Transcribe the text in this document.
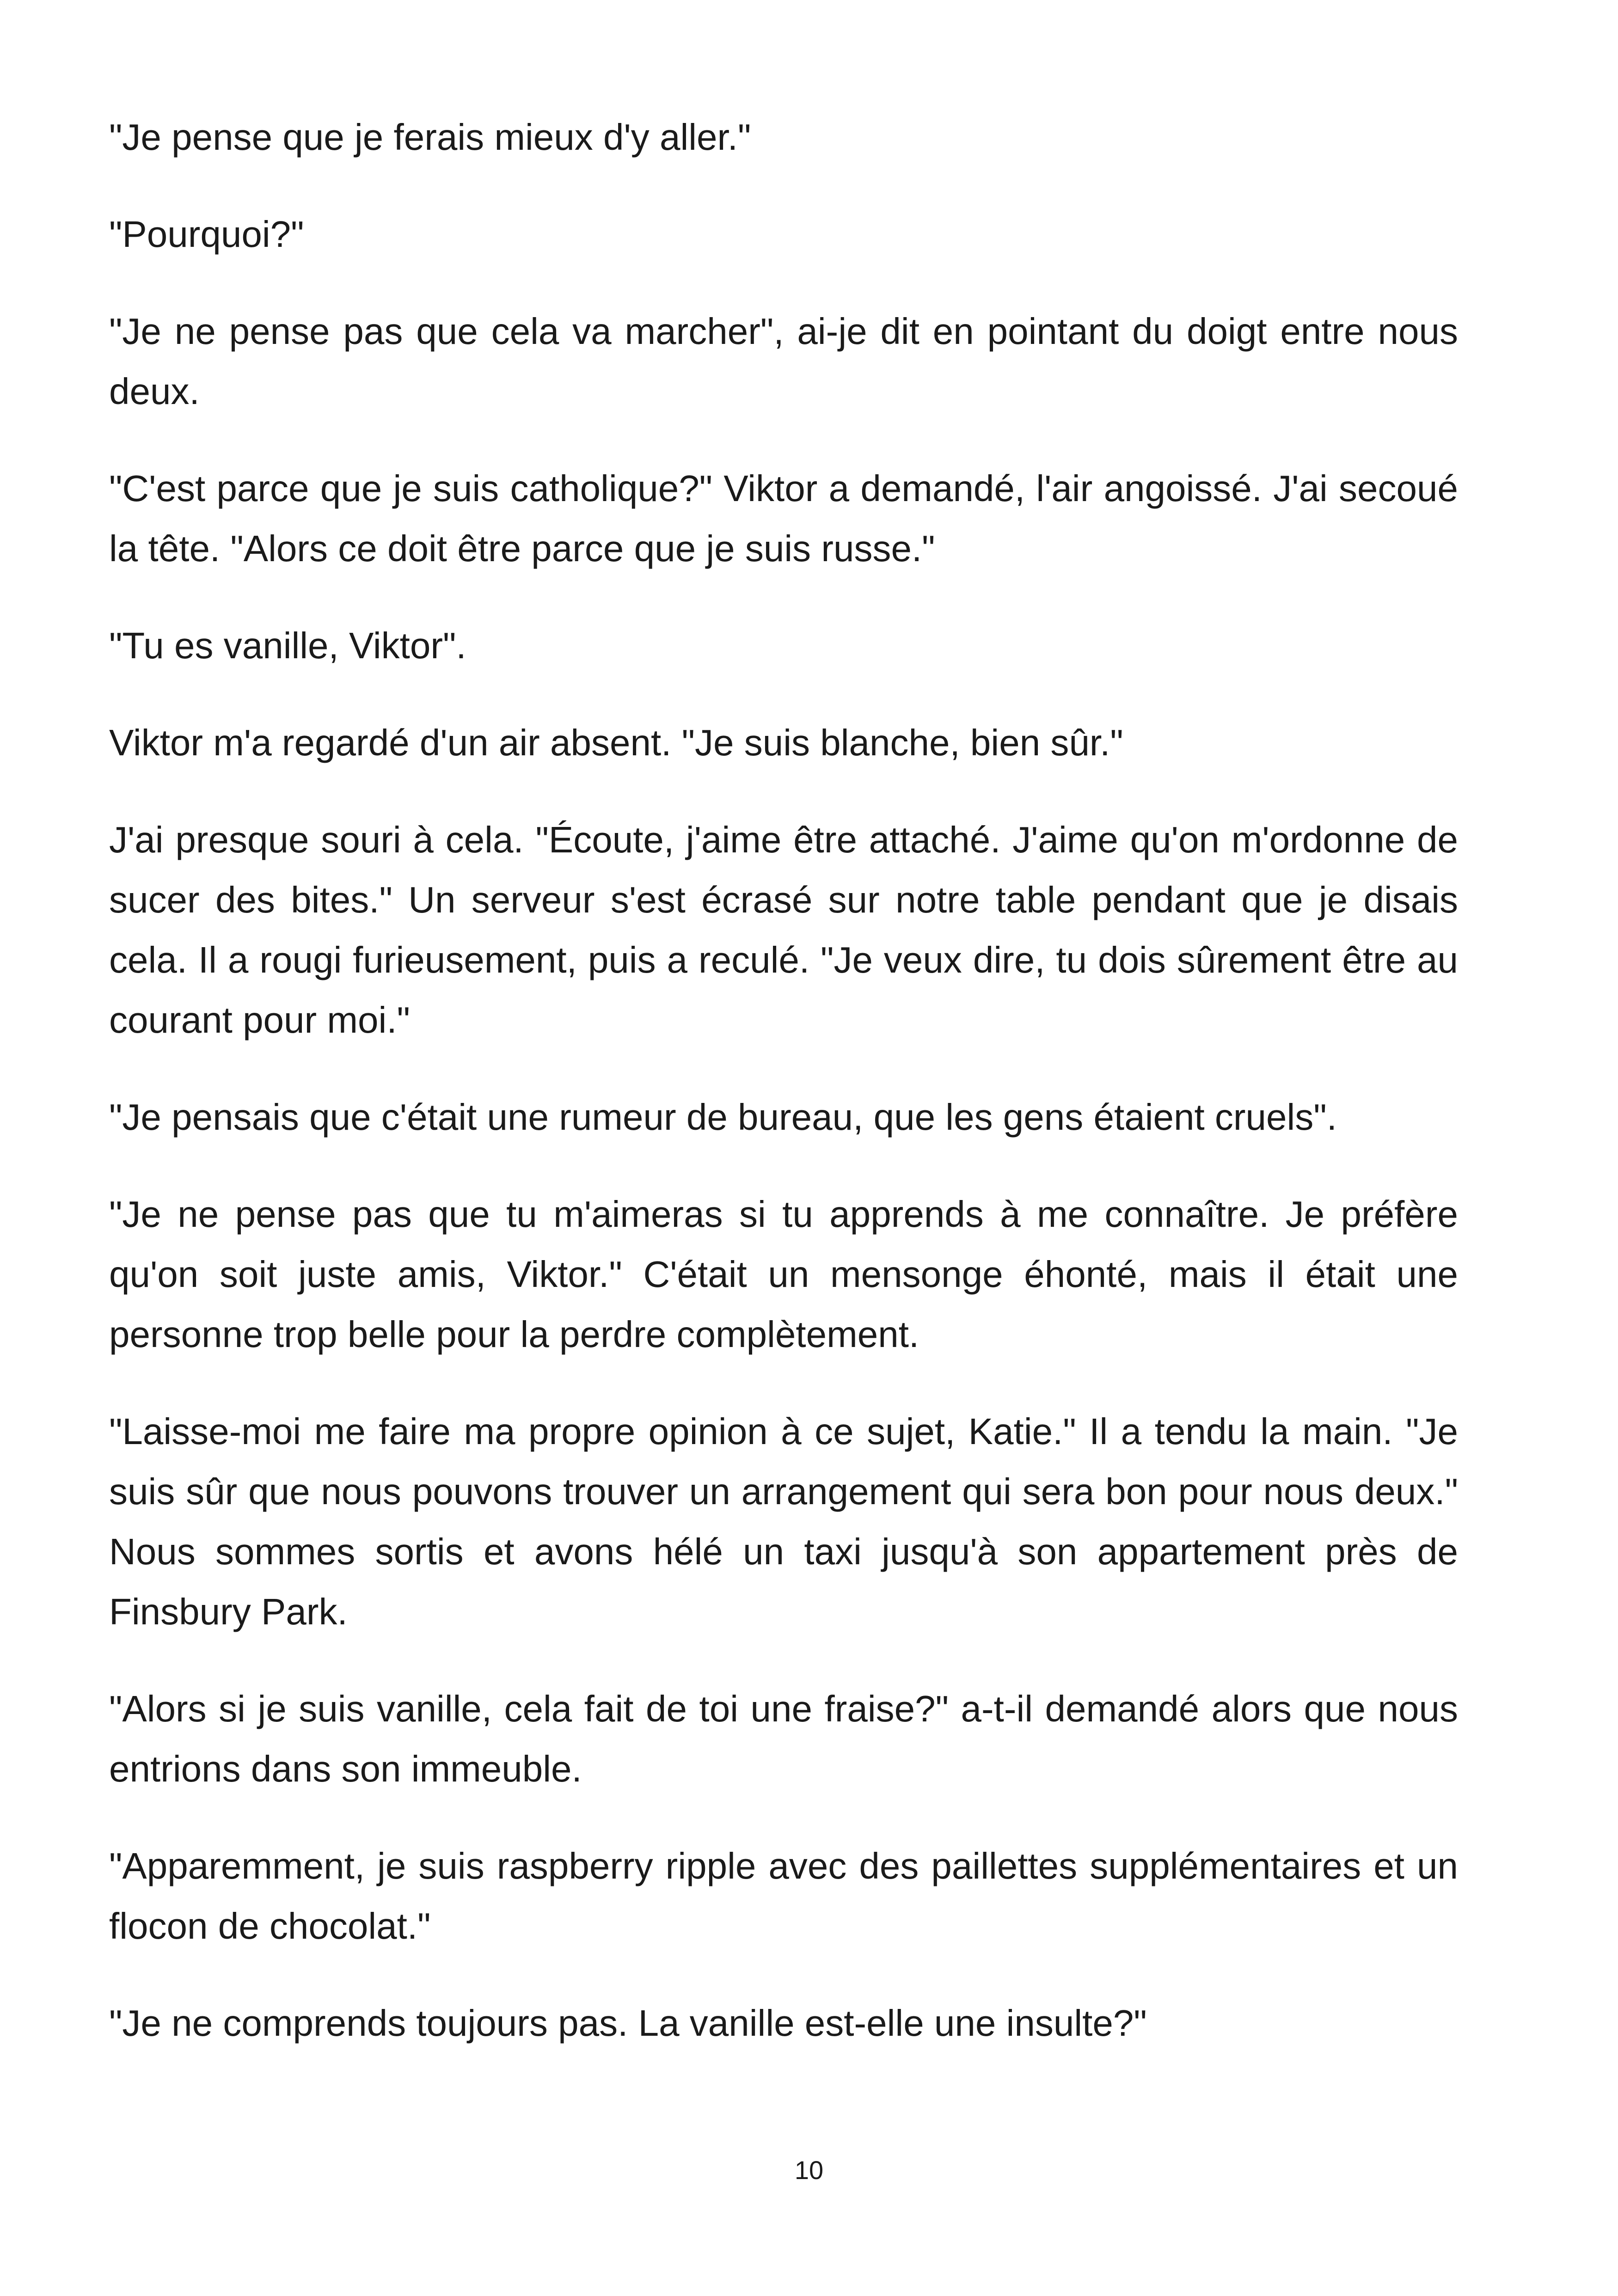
"Je pense que je ferais mieux d'y aller."

"Pourquoi?"

"Je ne pense pas que cela va marcher", ai-je dit en pointant du doigt entre nous deux.

"C'est parce que je suis catholique?" Viktor a demandé, l'air angoissé. J'ai secoué la tête. "Alors ce doit être parce que je suis russe."

"Tu es vanille, Viktor".

Viktor m'a regardé d'un air absent. "Je suis blanche, bien sûr."

J'ai presque souri à cela. "Écoute, j'aime être attaché. J'aime qu'on m'ordonne de sucer des bites." Un serveur s'est écrasé sur notre table pendant que je disais cela. Il a rougi furieusement, puis a reculé. "Je veux dire, tu dois sûrement être au courant pour moi."

"Je pensais que c'était une rumeur de bureau, que les gens étaient cruels".

"Je ne pense pas que tu m'aimeras si tu apprends à me connaître. Je préfère qu'on soit juste amis, Viktor." C'était un mensonge éhonté, mais il était une personne trop belle pour la perdre complètement.

"Laisse-moi me faire ma propre opinion à ce sujet, Katie." Il a tendu la main. "Je suis sûr que nous pouvons trouver un arrangement qui sera bon pour nous deux." Nous sommes sortis et avons hélé un taxi jusqu'à son appartement près de Finsbury Park.

"Alors si je suis vanille, cela fait de toi une fraise?" a-t-il demandé alors que nous entrions dans son immeuble.

"Apparemment, je suis raspberry ripple avec des paillettes supplémentaires et un flocon de chocolat."

"Je ne comprends toujours pas. La vanille est-elle une insulte?"

10
